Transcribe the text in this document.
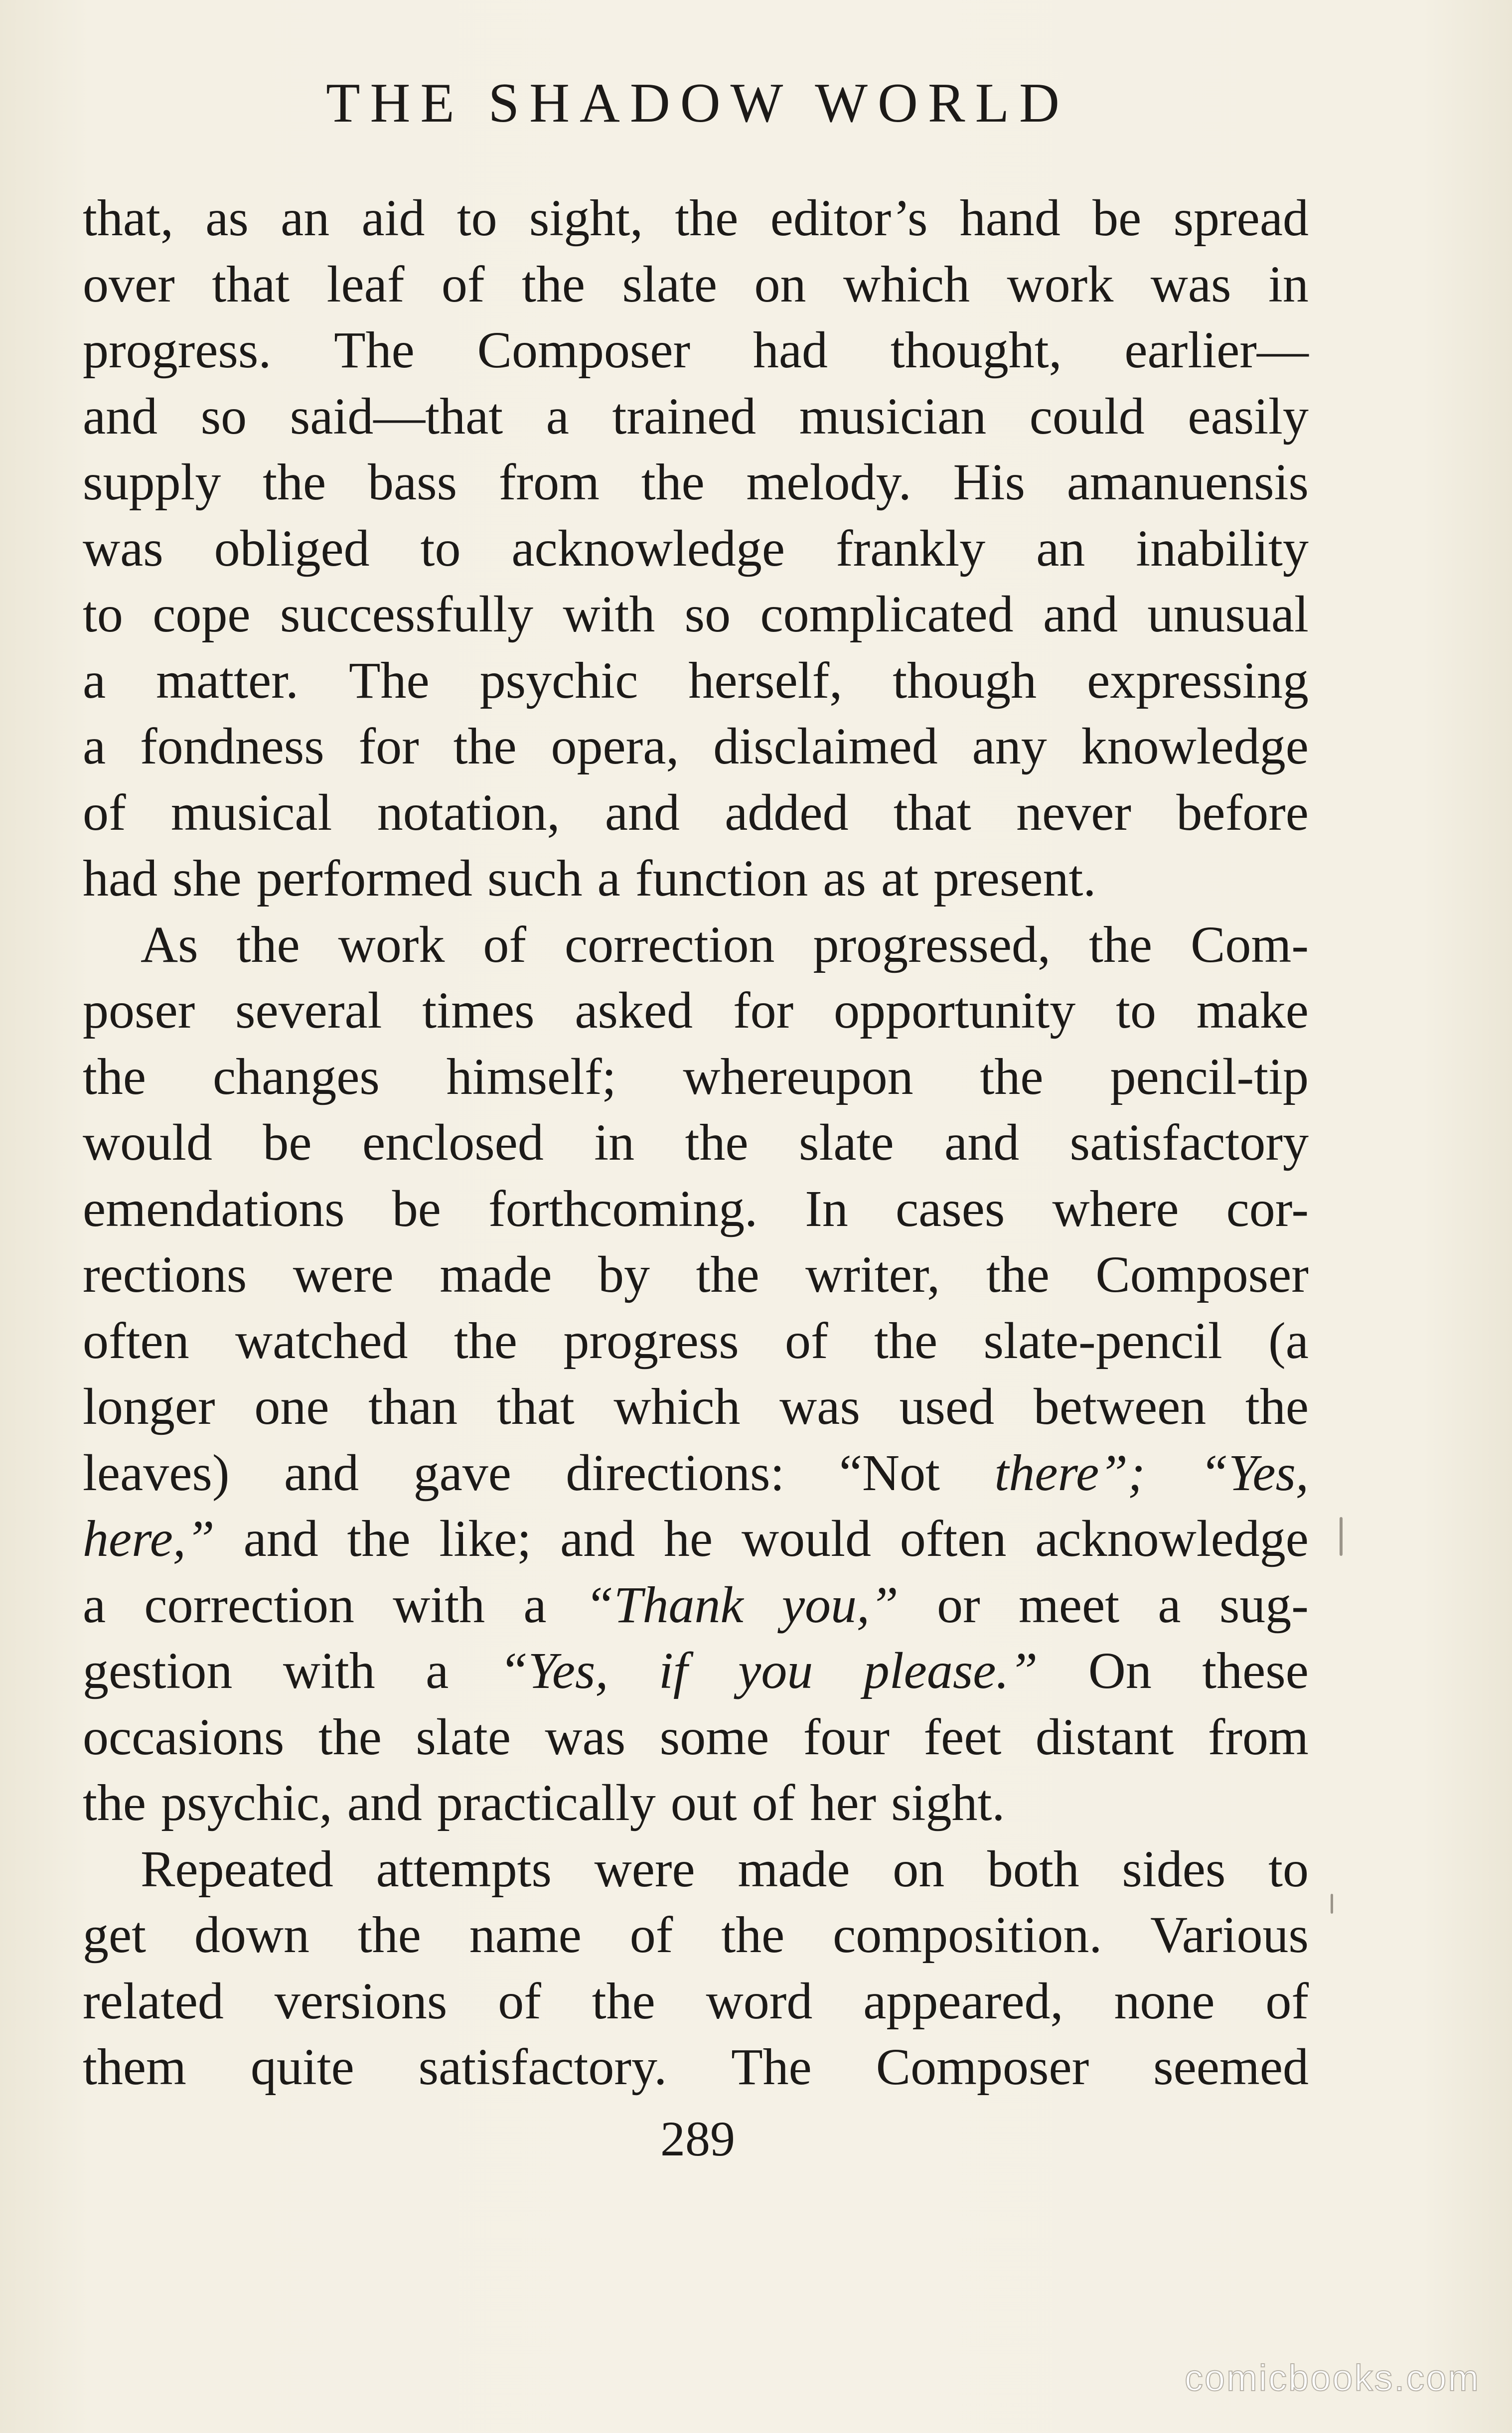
THE SHADOW WORLD
that, as an aid to sight, the editor’s hand be spread
over that leaf of the slate on which work was in
progress. The Composer had thought, earlier—
and so said—that a trained musician could easily
supply the bass from the melody. His amanuensis
was obliged to acknowledge frankly an inability
to cope successfully with so complicated and unusual
a matter. The psychic herself, though expressing
a fondness for the opera, disclaimed any knowledge
of musical notation, and added that never before
had she performed such a function as at present.
As the work of correction progressed, the Com-
poser several times asked for opportunity to make
the changes himself; whereupon the pencil-tip
would be enclosed in the slate and satisfactory
emendations be forthcoming. In cases where cor-
rections were made by the writer, the Composer
often watched the progress of the slate-pencil (a
longer one than that which was used between the
leaves) and gave directions: “Not there”; “Yes,
here,” and the like; and he would often acknowledge
a correction with a “Thank you,” or meet a sug-
gestion with a “Yes, if you please.” On these
occasions the slate was some four feet distant from
the psychic, and practically out of her sight.
Repeated attempts were made on both sides to
get down the name of the composition. Various
related versions of the word appeared, none of
them quite satisfactory. The Composer seemed
289
comicbooks.com
